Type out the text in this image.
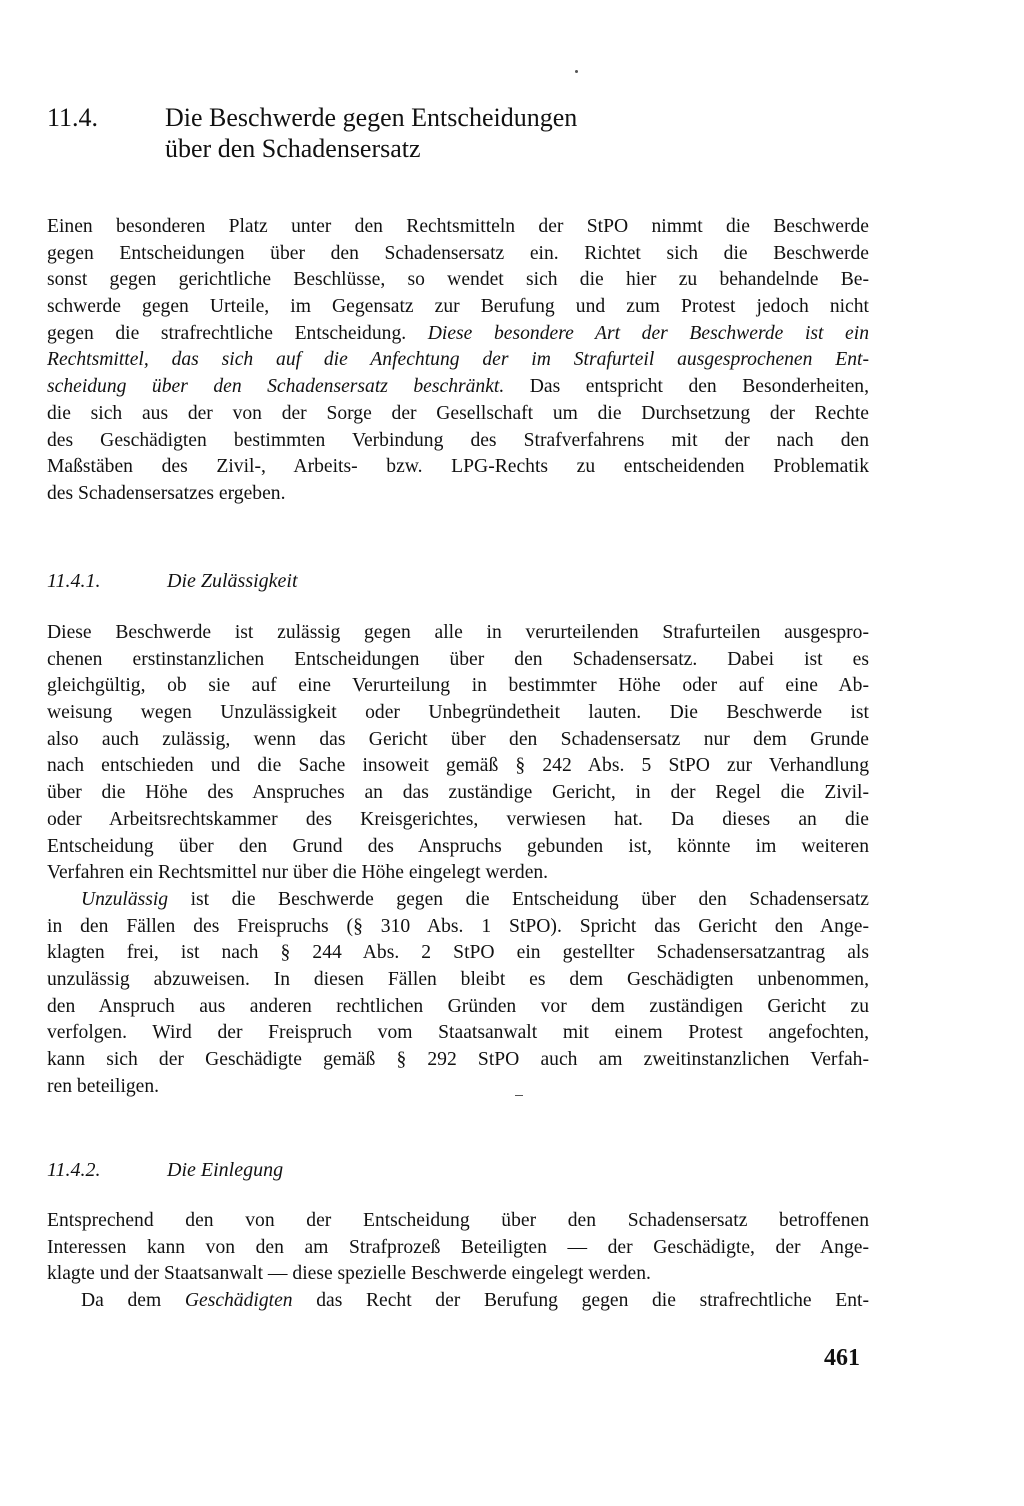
11.4.	Die Beschwerde gegen Entscheidungen
über den Schadensersatz
Einen besonderen Platz unter den Rechtsmitteln der StPO nimmt die Beschwerde
gegen Entscheidungen über den Schadensersatz ein. Richtet sich die Beschwerde
sonst gegen gerichtliche Beschlüsse, so wendet sich die hier zu behandelnde Be-
schwerde gegen Urteile, im Gegensatz zur Berufung und zum Protest jedoch nicht
gegen die strafrechtliche Entscheidung. Diese besondere Art der Beschwerde ist ein
Rechtsmittel, das sich auf die Anfechtung der im Strafurteil ausgesprochenen Ent-
scheidung über den Schadensersatz beschränkt. Das entspricht den Besonderheiten,
die sich aus der von der Sorge der Gesellschaft um die Durchsetzung der Rechte
des Geschädigten bestimmten Verbindung des Strafverfahrens mit der nach den
Maßstäben des Zivil-, Arbeits- bzw. LPG-Rechts zu entscheidenden Problematik
des Schadensersatzes ergeben.
11.4.1.	Die Zulässigkeit
Diese Beschwerde ist zulässig gegen alle in verurteilenden Strafurteilen ausgespro-
chenen erstinstanzlichen Entscheidungen über den Schadensersatz. Dabei ist es
gleichgültig, ob sie auf eine Verurteilung in bestimmter Höhe oder auf eine Ab-
weisung wegen Unzulässigkeit oder Unbegründetheit lauten. Die Beschwerde ist
also auch zulässig, wenn das Gericht über den Schadensersatz nur dem Grunde
nach entschieden und die Sache insoweit gemäß § 242 Abs. 5 StPO zur Verhandlung
über die Höhe des Anspruches an das zuständige Gericht, in der Regel die Zivil-
oder Arbeitsrechtskammer des Kreisgerichtes, verwiesen hat. Da dieses an die
Entscheidung über den Grund des Anspruchs gebunden ist, könnte im weiteren
Verfahren ein Rechtsmittel nur über die Höhe eingelegt werden.
Unzulässig ist die Beschwerde gegen die Entscheidung über den Schadensersatz
in den Fällen des Freispruchs (§ 310 Abs. 1 StPO). Spricht das Gericht den Ange-
klagten frei, ist nach § 244 Abs. 2 StPO ein gestellter Schadensersatzantrag als
unzulässig abzuweisen. In diesen Fällen bleibt es dem Geschädigten unbenommen,
den Anspruch aus anderen rechtlichen Gründen vor dem zuständigen Gericht zu
verfolgen. Wird der Freispruch vom Staatsanwalt mit einem Protest angefochten,
kann sich der Geschädigte gemäß § 292 StPO auch am zweitinstanzlichen Verfah-
ren beteiligen.
11.4.2.	Die Einlegung
Entsprechend den von der Entscheidung über den Schadensersatz betroffenen
Interessen kann von den am Strafprozeß Beteiligten — der Geschädigte, der Ange-
klagte und der Staatsanwalt — diese spezielle Beschwerde eingelegt werden.
Da dem Geschädigten das Recht der Berufung gegen die strafrechtliche Ent-
461
